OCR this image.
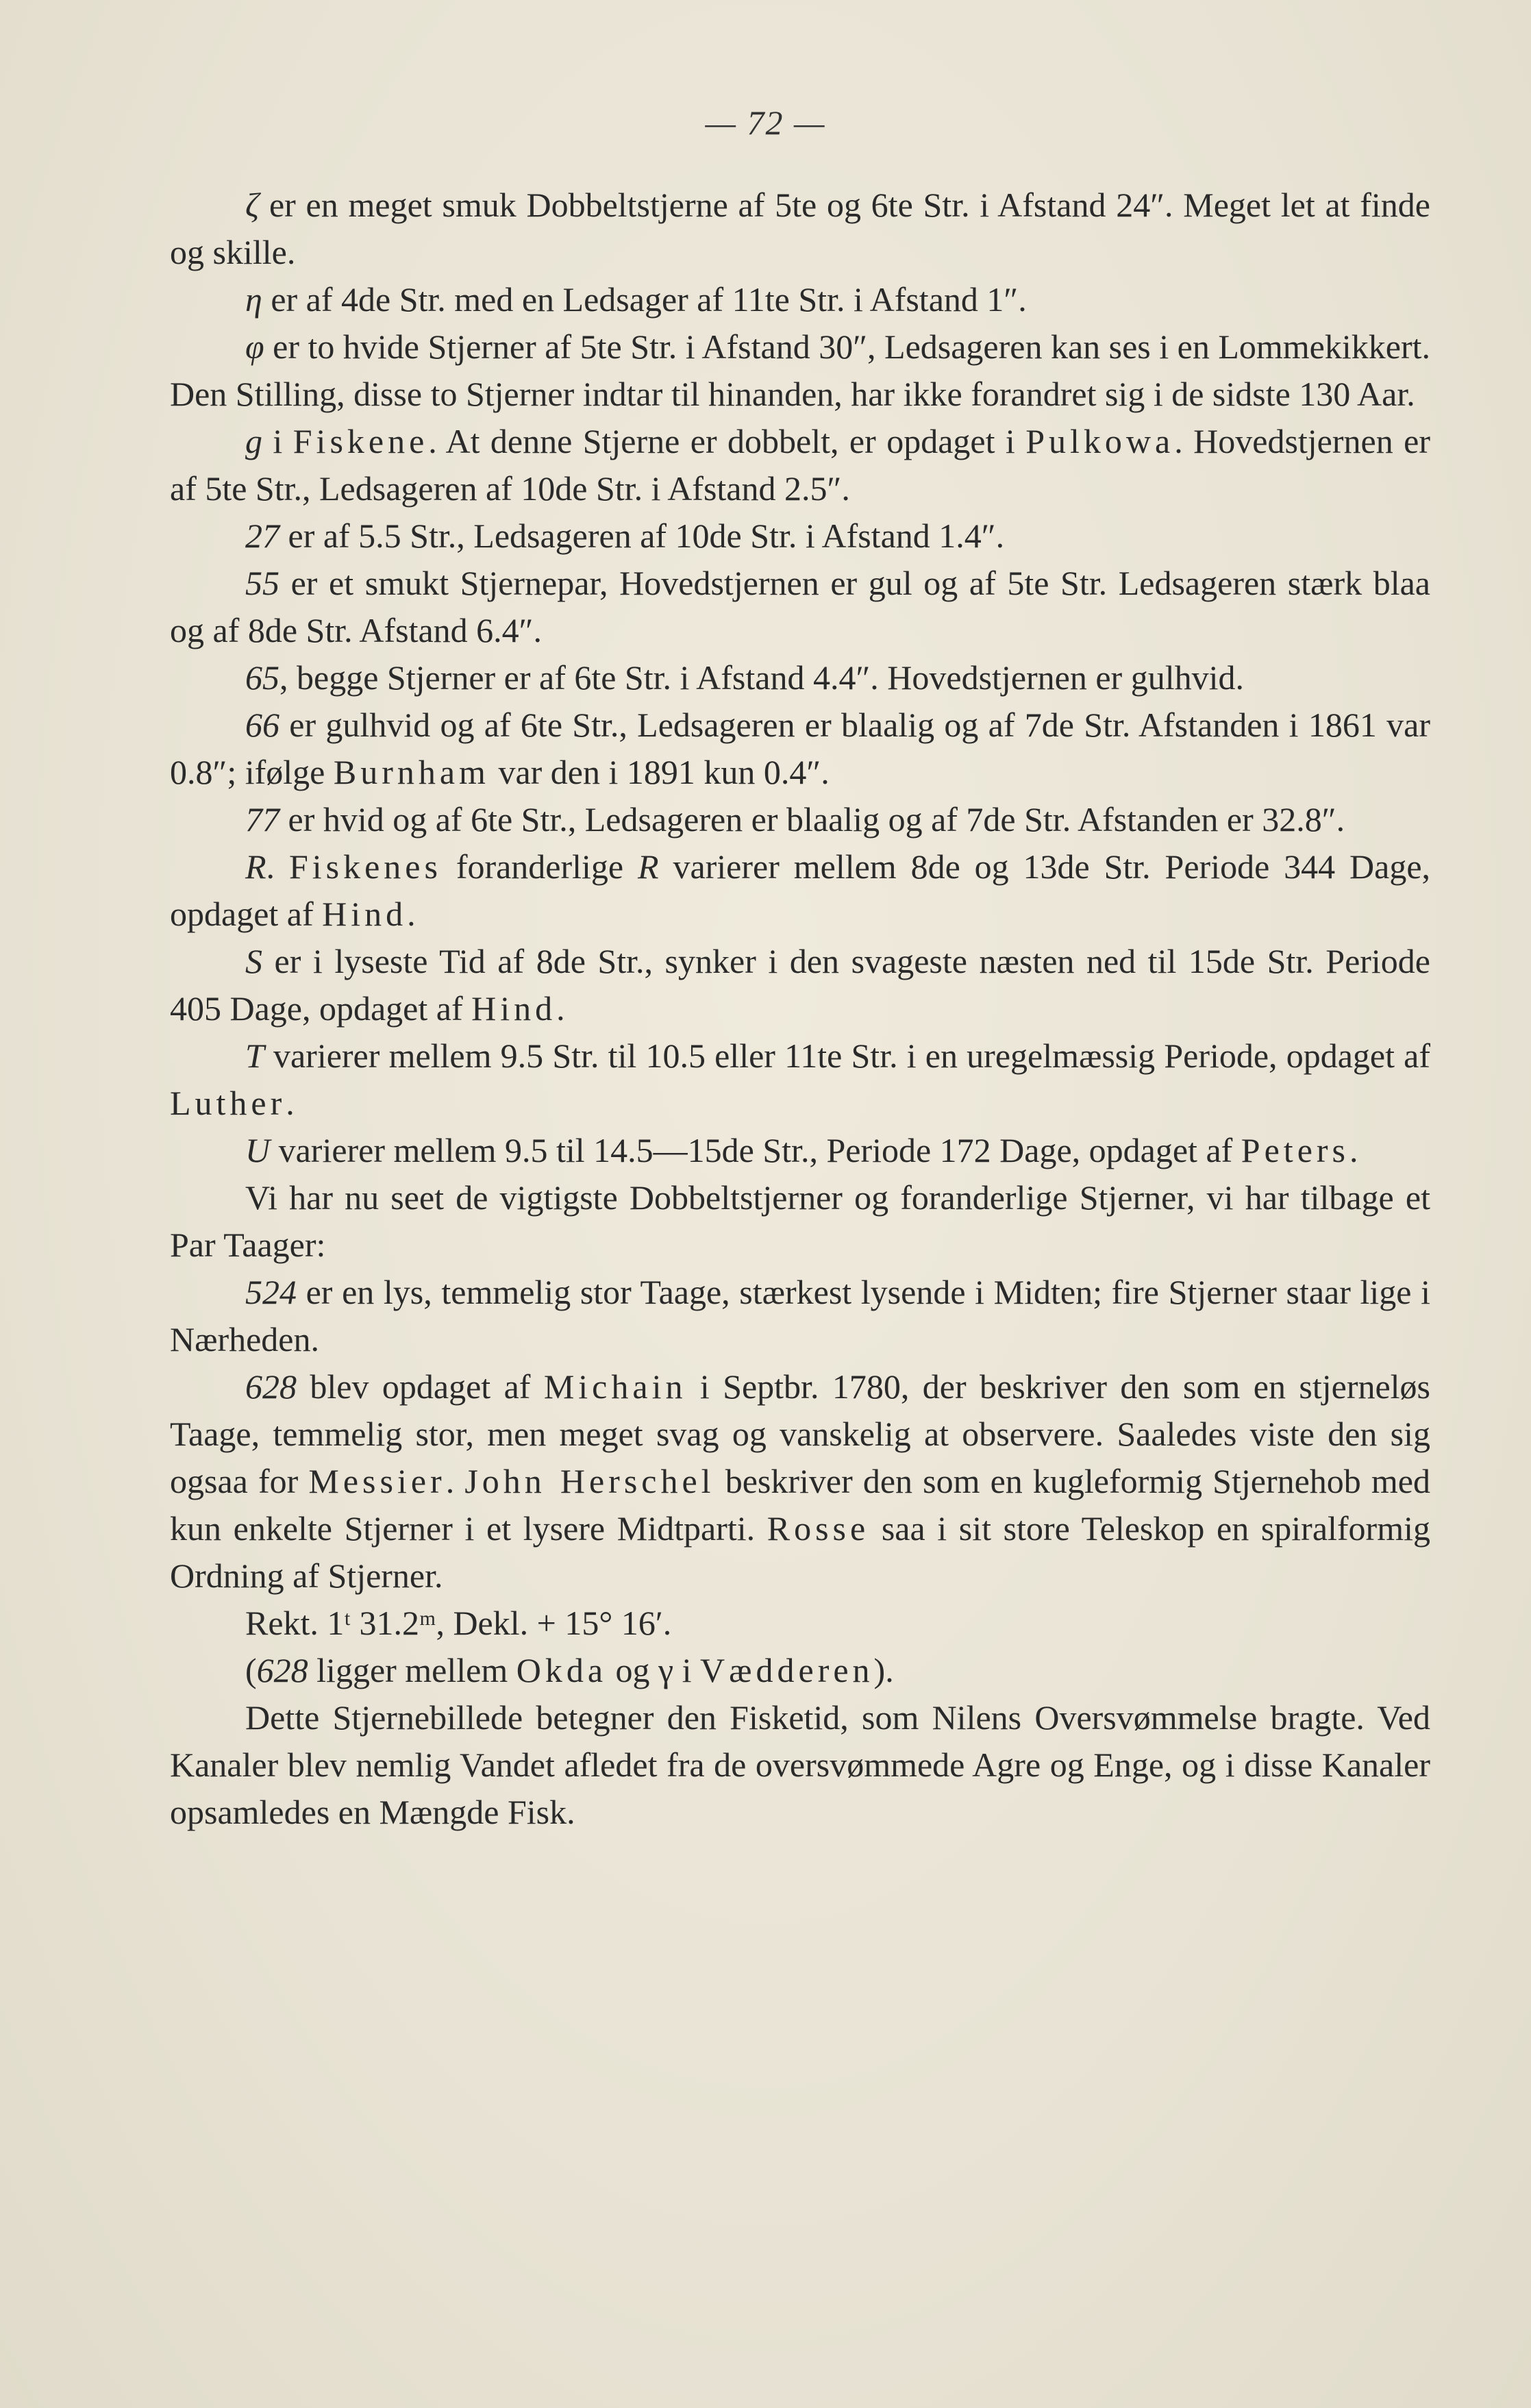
— 72 —

ζ er en meget smuk Dobbeltstjerne af 5te og 6te Str. i Afstand 24″. Meget let at finde og skille.

η er af 4de Str. med en Ledsager af 11te Str. i Afstand 1″.

φ er to hvide Stjerner af 5te Str. i Afstand 30″, Ledsageren kan ses i en Lommekikkert. Den Stilling, disse to Stjerner indtar til hinanden, har ikke forandret sig i de sidste 130 Aar.

g i Fiskene. At denne Stjerne er dobbelt, er opdaget i Pulkowa. Hovedstjernen er af 5te Str., Ledsageren af 10de Str. i Afstand 2.5″.

27 er af 5.5 Str., Ledsageren af 10de Str. i Afstand 1.4″.

55 er et smukt Stjernepar, Hovedstjernen er gul og af 5te Str. Ledsageren stærk blaa og af 8de Str. Afstand 6.4″.

65, begge Stjerner er af 6te Str. i Afstand 4.4″. Hovedstjernen er gulhvid.

66 er gulhvid og af 6te Str., Ledsageren er blaalig og af 7de Str. Afstanden i 1861 var 0.8″; ifølge Burnham var den i 1891 kun 0.4″.

77 er hvid og af 6te Str., Ledsageren er blaalig og af 7de Str. Afstanden er 32.8″.

R. Fiskenes foranderlige R varierer mellem 8de og 13de Str. Periode 344 Dage, opdaget af Hind.

S er i lyseste Tid af 8de Str., synker i den svageste næsten ned til 15de Str. Periode 405 Dage, opdaget af Hind.

T varierer mellem 9.5 Str. til 10.5 eller 11te Str. i en uregelmæssig Periode, opdaget af Luther.

U varierer mellem 9.5 til 14.5—15de Str., Periode 172 Dage, opdaget af Peters.

Vi har nu seet de vigtigste Dobbeltstjerner og foranderlige Stjerner, vi har tilbage et Par Taager:

524 er en lys, temmelig stor Taage, stærkest lysende i Midten; fire Stjerner staar lige i Nærheden.

628 blev opdaget af Michain i Septbr. 1780, der beskriver den som en stjerneløs Taage, temmelig stor, men meget svag og vanskelig at observere. Saaledes viste den sig ogsaa for Messier. John Herschel beskriver den som en kugleformig Stjernehob med kun enkelte Stjerner i et lysere Midtparti. Rosse saa i sit store Teleskop en spiralformig Ordning af Stjerner.

Rekt. 1ᵗ 31.2ᵐ, Dekl. + 15° 16′.

(628 ligger mellem Okda og γ i Vædderen).

Dette Stjernebillede betegner den Fisketid, som Nilens Oversvømmelse bragte. Ved Kanaler blev nemlig Vandet afledet fra de oversvømmede Agre og Enge, og i disse Kanaler opsamledes en Mængde Fisk.
